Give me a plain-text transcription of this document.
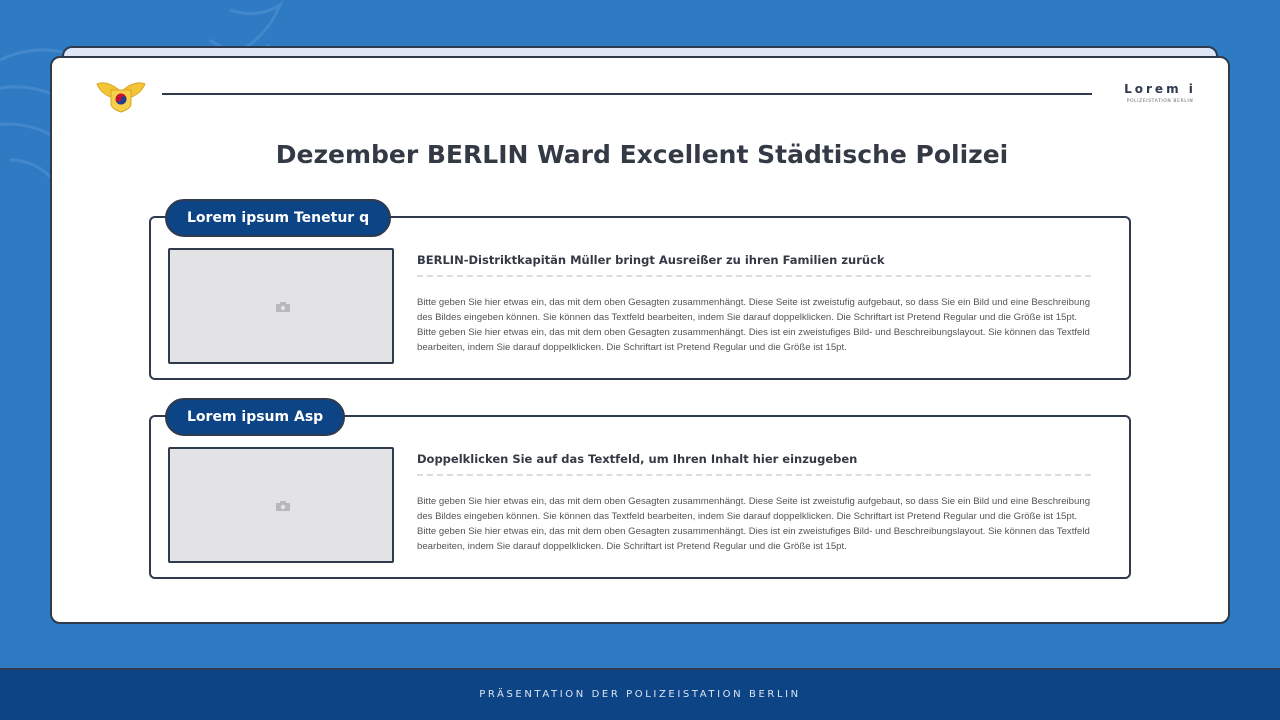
Lorem i
POLIZEISTATION BERLIN
Dezember BERLIN Ward Excellent Städtische Polizei
Lorem ipsum Tenetur q
BERLIN-Distriktkapitän Müller bringt Ausreißer zu ihren Familien zurück
Bitte geben Sie hier etwas ein, das mit dem oben Gesagten zusammenhängt. Diese Seite ist zweistufig aufgebaut, so dass Sie ein Bild und eine Beschreibung des Bildes eingeben können. Sie können das Textfeld bearbeiten, indem Sie darauf doppelklicken. Die Schriftart ist Pretend Regular und die Größe ist 15pt. Bitte geben Sie hier etwas ein, das mit dem oben Gesagten zusammenhängt. Dies ist ein zweistufiges Bild- und Beschreibungslayout. Sie können das Textfeld bearbeiten, indem Sie darauf doppelklicken. Die Schriftart ist Pretend Regular und die Größe ist 15pt.
Lorem ipsum Asp
Doppelklicken Sie auf das Textfeld, um Ihren Inhalt hier einzugeben
Bitte geben Sie hier etwas ein, das mit dem oben Gesagten zusammenhängt. Diese Seite ist zweistufig aufgebaut, so dass Sie ein Bild und eine Beschreibung des Bildes eingeben können. Sie können das Textfeld bearbeiten, indem Sie darauf doppelklicken. Die Schriftart ist Pretend Regular und die Größe ist 15pt. Bitte geben Sie hier etwas ein, das mit dem oben Gesagten zusammenhängt. Dies ist ein zweistufiges Bild- und Beschreibungslayout. Sie können das Textfeld bearbeiten, indem Sie darauf doppelklicken. Die Schriftart ist Pretend Regular und die Größe ist 15pt.
PRÄSENTATION DER POLIZEISTATION BERLIN
